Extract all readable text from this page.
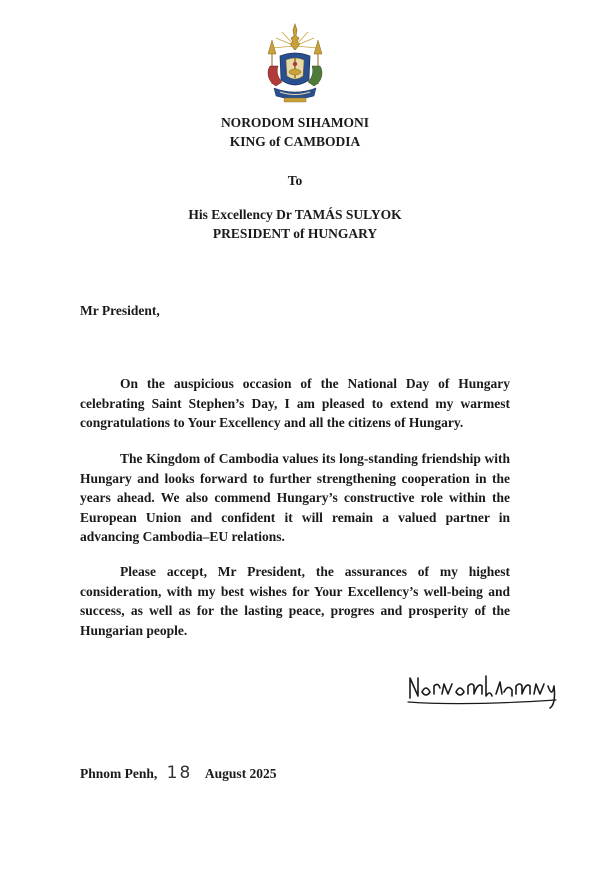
NORODOM SIHAMONI
KING of CAMBODIA
To
His Excellency Dr TAMÁS SULYOK
PRESIDENT of HUNGARY
Mr President,

On the auspicious occasion of the National Day of Hungary celebrating Saint Stephen’s Day, I am pleased to extend my warmest congratulations to Your Excellency and all the citizens of Hungary.

The Kingdom of Cambodia values its long-standing friendship with Hungary and looks forward to further strengthening cooperation in the years ahead. We also commend Hungary’s constructive role within the European Union and confident it will remain a valued partner in advancing Cambodia–EU relations.

Please accept, Mr President, the assurances of my highest consideration, with my best wishes for Your Excellency’s well-being and success, as well as for the lasting peace, progres and prosperity of the Hungarian people.

Phnom Penh, 18 August 2025
